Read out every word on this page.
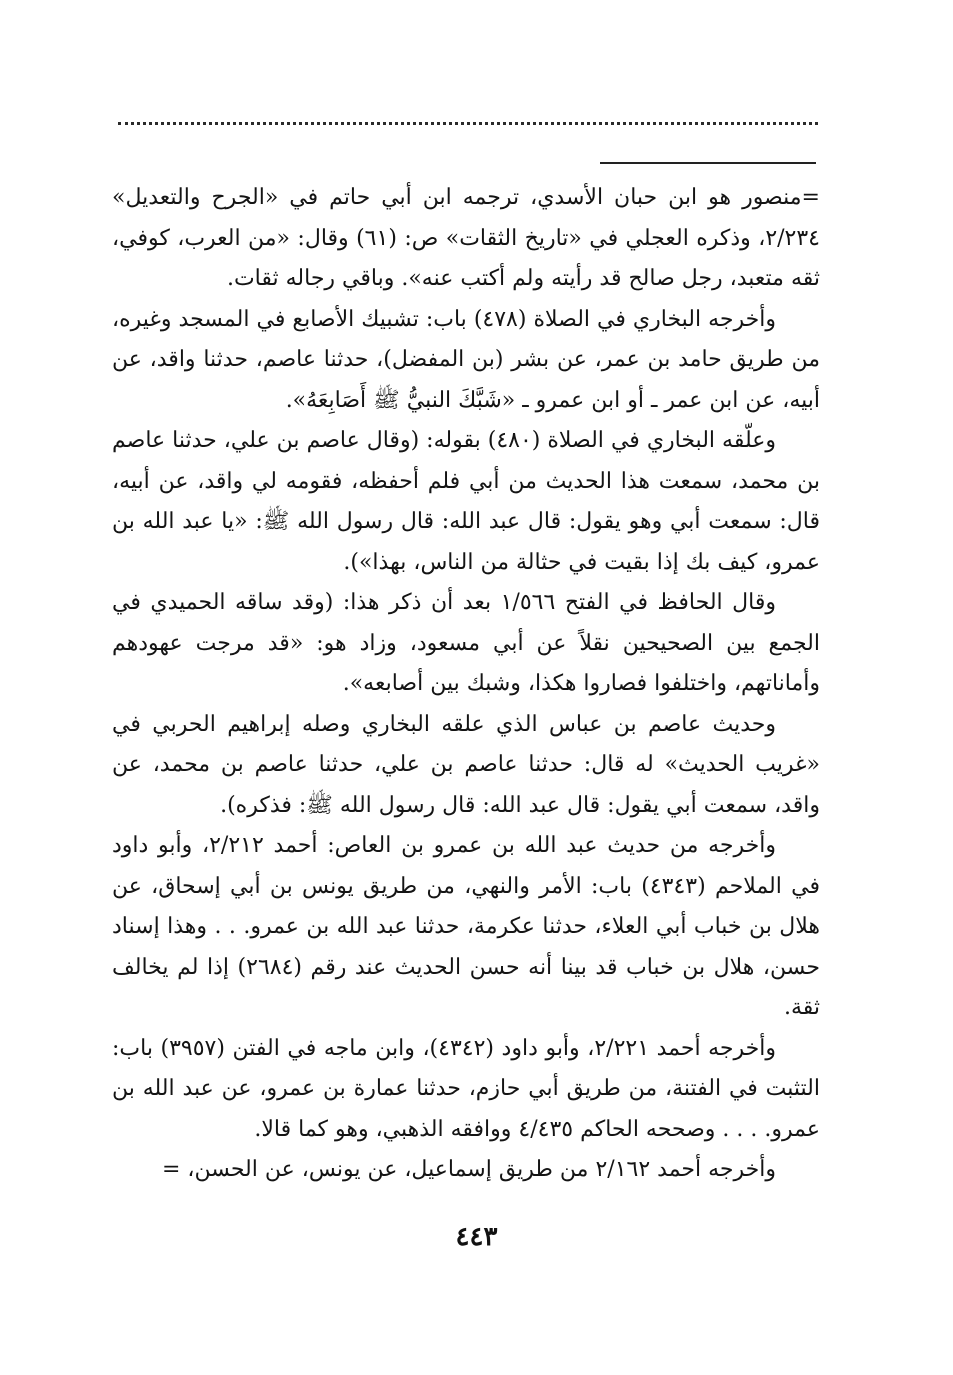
=منصور هو ابن حبان الأسدي، ترجمه ابن أبي حاتم في «الجرح والتعديل» ٢/٢٣٤، وذكره العجلي في «تاريخ الثقات» ص: (٦١) وقال: «من العرب، كوفي، ثقه متعبد، رجل صالح قد رأيته ولم أكتب عنه». وباقي رجاله ثقات.

وأخرجه البخاري في الصلاة (٤٧٨) باب: تشبيك الأصابع في المسجد وغيره، من طريق حامد بن عمر، عن بشر (بن المفضل)، حدثنا عاصم، حدثنا واقد، عن أبيه، عن ابن عمر ـ أو ابن عمرو ـ «شَبَّكَ النبيُّ ﷺ أَصَابِعَهُ».

وعلّقه البخاري في الصلاة (٤٨٠) بقوله: (وقال عاصم بن علي، حدثنا عاصم بن محمد، سمعت هذا الحديث من أبي فلم أحفظه، فقومه لي واقد، عن أبيه، قال: سمعت أبي وهو يقول: قال عبد الله: قال رسول الله ﷺ: «يا عبد الله بن عمرو، كيف بك إذا بقيت في حثالة من الناس، بهذا»).

وقال الحافظ في الفتح ١/٥٦٦ بعد أن ذكر هذا: (وقد ساقه الحميدي في الجمع بين الصحيحين نقلاً عن أبي مسعود، وزاد هو: «قد مرجت عهودهم وأماناتهم، واختلفوا فصاروا هكذا، وشبك بين أصابعه».

وحديث عاصم بن عباس الذي علقه البخاري وصله إبراهيم الحربي في «غريب الحديث» له قال: حدثنا عاصم بن علي، حدثنا عاصم بن محمد، عن واقد، سمعت أبي يقول: قال عبد الله: قال رسول الله ﷺ: فذكره).

وأخرجه من حديث عبد الله بن عمرو بن العاص: أحمد ٢/٢١٢، وأبو داود في الملاحم (٤٣٤٣) باب: الأمر والنهي، من طريق يونس بن أبي إسحاق، عن هلال بن خباب أبي العلاء، حدثنا عكرمة، حدثنا عبد الله بن عمرو. . . وهذا إسناد حسن، هلال بن خباب قد بينا أنه حسن الحديث عند رقم (٢٦٨٤) إذا لم يخالف ثقة.

وأخرجه أحمد ٢/٢٢١، وأبو داود (٤٣٤٢)، وابن ماجه في الفتن (٣٩٥٧) باب: التثبت في الفتنة، من طريق أبي حازم، حدثنا عمارة بن عمرو، عن عبد الله بن عمرو. . . . وصححه الحاكم ٤/٤٣٥ ووافقه الذهبي، وهو كما قالا.

وأخرجه أحمد ٢/١٦٢ من طريق إسماعيل، عن يونس، عن الحسن، =

٤٤٣
